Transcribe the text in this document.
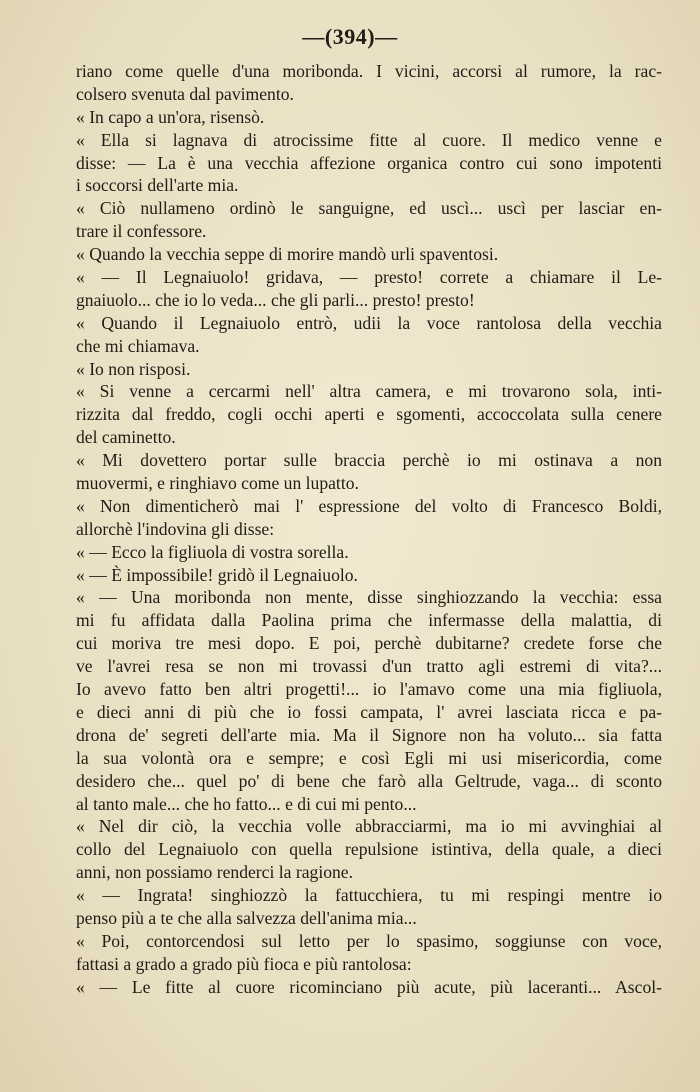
—(394)—
riano come quelle d'una moribonda. I vicini, accorsi al rumore, la rac-
colsero svenuta dal pavimento.
« In capo a un'ora, risensò.
« Ella si lagnava di atrocissime fitte al cuore. Il medico venne e
disse: — La è una vecchia affezione organica contro cui sono impotenti
i soccorsi dell'arte mia.
« Ciò nullameno ordinò le sanguigne, ed uscì... uscì per lasciar en-
trare il confessore.
« Quando la vecchia seppe di morire mandò urli spaventosi.
« — Il Legnaiuolo! gridava, — presto! correte a chiamare il Le-
gnaiuolo... che io lo veda... che gli parli... presto! presto!
« Quando il Legnaiuolo entrò, udii la voce rantolosa della vecchia
che mi chiamava.
« Io non risposi.
« Si venne a cercarmi nell' altra camera, e mi trovarono sola, inti-
rizzita dal freddo, cogli occhi aperti e sgomenti, accoccolata sulla cenere
del caminetto.
« Mi dovettero portar sulle braccia perchè io mi ostinava a non
muovermi, e ringhiavo come un lupatto.
« Non dimenticherò mai l' espressione del volto di Francesco Boldi,
allorchè l'indovina gli disse:
« — Ecco la figliuola di vostra sorella.
« — È impossibile! gridò il Legnaiuolo.
« — Una moribonda non mente, disse singhiozzando la vecchia: essa
mi fu affidata dalla Paolina prima che infermasse della malattia, di
cui moriva tre mesi dopo. E poi, perchè dubitarne? credete forse che
ve l'avrei resa se non mi trovassi d'un tratto agli estremi di vita?...
Io avevo fatto ben altri progetti!... io l'amavo come una mia figliuola,
e dieci anni di più che io fossi campata, l' avrei lasciata ricca e pa-
drona de' segreti dell'arte mia. Ma il Signore non ha voluto... sia fatta
la sua volontà ora e sempre; e così Egli mi usi misericordia, come
desidero che... quel po' di bene che farò alla Geltrude, vaga... di sconto
al tanto male... che ho fatto... e di cui mi pento...
« Nel dir ciò, la vecchia volle abbracciarmi, ma io mi avvinghiai al
collo del Legnaiuolo con quella repulsione istintiva, della quale, a dieci
anni, non possiamo renderci la ragione.
« — Ingrata! singhiozzò la fattucchiera, tu mi respingi mentre io
penso più a te che alla salvezza dell'anima mia...
« Poi, contorcendosi sul letto per lo spasimo, soggiunse con voce,
fattasi a grado a grado più fioca e più rantolosa:
« — Le fitte al cuore ricominciano più acute, più laceranti... Ascol-
